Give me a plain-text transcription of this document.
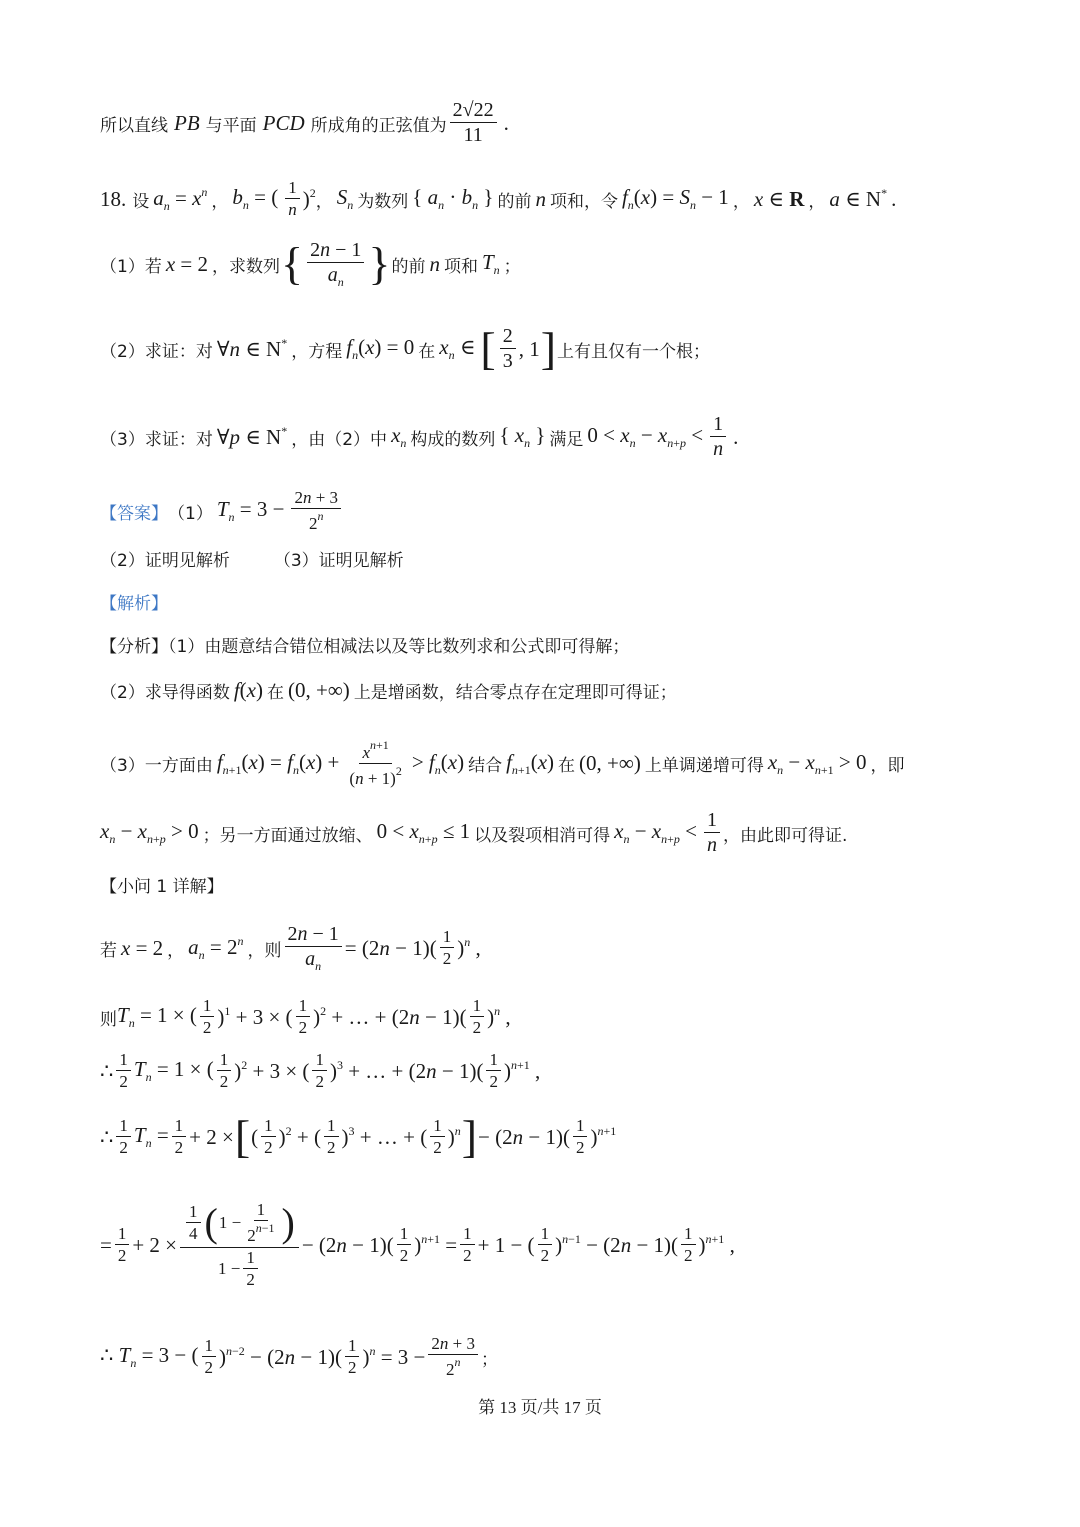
所以直线 PB 与平面 PCD 所成角的正弦值为 $\frac{2√22}{11}$ .
18. 设 $a_n = x^n$ ， $b_n$ = ( $\frac{1}{n} )^2$ ， $S_n$ 为数列 { $a_n \cdot b_n$ } 的前 n 项和，令 $f_n(x) = S_n - 1$ ， x ∈ R ， a ∈ N* .
（1）若 x = 2 ，求数列 { $\frac{2n - 1}{a_n}$ } 的前 n 项和 $T_n$ ；
（2）求证：对 ∀n ∈ N* ，方程 $f_n(x) = 0$ 在 $x_n$ ∈ [ $\frac{2}{3}$ , 1 ] 上有且仅有一个根；
（3）求证：对 ∀p ∈ N* ，由（2）中 $x_n$ 构成的数列 { $x_n$ } 满足 $0 < x_n - x_{n+p} < \frac{1}{n}$ .
【答案】 （1） $T_n = 3 - \frac{2n + 3}{2^n}$
（2）证明见解析	（3）证明见解析
【解析】
【分析】（1）由题意结合错位相减法以及等比数列求和公式即可得解；
（2）求导得函数 f(x) 在 (0, +∞) 上是增函数，结合零点存在定理即可得证；
（3）一方面由 $f_{n+1}(x) = f_n(x) + \frac{x^{n+1}}{(n + 1)^2} > f_n(x)$ 结合 $f_{n+1}(x)$ 在 (0, +∞) 上单调递增可得 $x_n - x_{n+1} > 0$ ，即
$x_n - x_{n+p} > 0$ ；另一方面通过放缩、 $0 < x_{n+p} \le 1$ 以及裂项相消可得 $x_n - x_{n+p} < \frac{1}{n}$ ，由此即可得证.
【小问 1 详解】
若 x = 2 ， $a_n = 2^n$ ，则 $\frac{2n - 1}{a_n} = (2n - 1)( \frac{1}{2} )^n$ ,
则 $T_n = 1$ × ( $\frac{1}{2} )^1 + 3$ × ( $\frac{1}{2} )^2$ + … + $(2n - 1)( \frac{1}{2} )^n$ ,
∴ $\frac{1}{2} T_n = 1$ × ( $\frac{1}{2} )^2 + 3$ × ( $\frac{1}{2} )^3$ + … + $(2n - 1)( \frac{1}{2} )^{n+1}$ ,
∴ $\frac{1}{2} T_n = \frac{1}{2} + 2$ × [ ( $\frac{1}{2} )^2$ + ( $\frac{1}{2} )^3$ + … + ( $\frac{1}{2} )^n$ ] − $(2n - 1)( \frac{1}{2} )^{n+1}$
= $\frac{1}{2} + 2 \times \frac{\frac{1}{4} ( 1 - \frac{1}{2^{n-1}} )}{1 - \frac{1}{2}} - (2n - 1)( \frac{1}{2} )^{n+1} = \frac{1}{2} + 1$ − ( $\frac{1}{2} )^{n-1} - (2n - 1)( \frac{1}{2} )^{n+1}$ ,
∴ $T_n = 3$ − ( $\frac{1}{2} )^{n-2} - (2n - 1)( \frac{1}{2} )^n = 3 - \frac{2n + 3}{2^n}$ ；
第 13 页/共 17 页
